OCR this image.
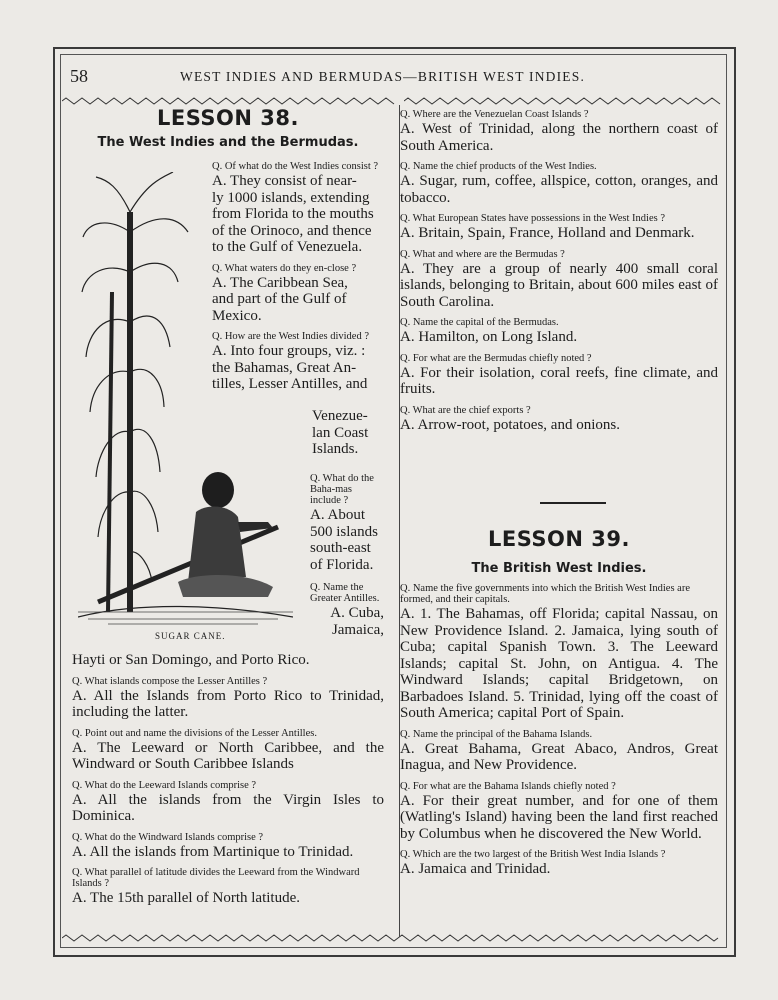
58	WEST INDIES AND BERMUDAS—BRITISH WEST INDIES.
LESSON 38.
The West Indies and the Bermudas.
SUGAR CANE.

Q. Of what do the West Indies consist ?

A. They consist of near-

ly 1000 islands, extending

from Florida to the mouths

of the Orinoco, and thence

to the Gulf of Venezuela.

Q. What waters do they en-close ?

A. The Caribbean Sea,

and part of the Gulf of

Mexico.

Q. How are the West Indies divided ?

A. Into four groups, viz. :

the Bahamas, Great An-

tilles, Lesser Antilles, and

Venezue-

lan Coast

Islands.

Q. What do the Baha-mas include ?

A. About

500 islands

south-east

of Florida.

Q. Name the Greater Antilles.

A. Cuba,

Jamaica,

Hayti or San Domingo, and Porto Rico.

Q. What islands compose the Lesser Antilles ?

A. All the Islands from Porto Rico to Trinidad, including the latter.

Q. Point out and name the divisions of the Lesser Antilles.

A. The Leeward or North Caribbee, and the Windward or South Caribbee Islands

Q. What do the Leeward Islands comprise ?

A. All the islands from the Virgin Isles to Dominica.

Q. What do the Windward Islands comprise ?

A. All the islands from Martinique to Trinidad.

Q. What parallel of latitude divides the Leeward from the Windward Islands ?

A. The 15th parallel of North latitude.

Q. Where are the Venezuelan Coast Islands ?

A. West of Trinidad, along the northern coast of South America.

Q. Name the chief products of the West Indies.

A. Sugar, rum, coffee, allspice, cotton, oranges, and tobacco.

Q. What European States have possessions in the West Indies ?

A. Britain, Spain, France, Holland and Denmark.

Q. What and where are the Bermudas ?

A. They are a group of nearly 400 small coral islands, belonging to Britain, about 600 miles east of South Carolina.

Q. Name the capital of the Bermudas.

A. Hamilton, on Long Island.

Q. For what are the Bermudas chiefly noted ?

A. For their isolation, coral reefs, fine climate, and fruits.

Q. What are the chief exports ?

A. Arrow-root, potatoes, and onions.

LESSON 39.
The British West Indies.

Q. Name the five governments into which the British West Indies are formed, and their capitals.

A. 1. The Bahamas, off Florida; capital Nassau, on New Providence Island. 2. Jamaica, lying south of Cuba; capital Spanish Town. 3. The Leeward Islands; capital St. John, on Antigua. 4. The Windward Islands; capital Bridgetown, on Barbadoes Island. 5. Trinidad, lying off the coast of South America; capital Port of Spain.

Q. Name the principal of the Bahama Islands.

A. Great Bahama, Great Abaco, Andros, Great Inagua, and New Providence.

Q. For what are the Bahama Islands chiefly noted ?

A. For their great number, and for one of them (Watling's Island) having been the land first reached by Columbus when he discovered the New World.

Q. Which are the two largest of the British West India Islands ?

A. Jamaica and Trinidad.
